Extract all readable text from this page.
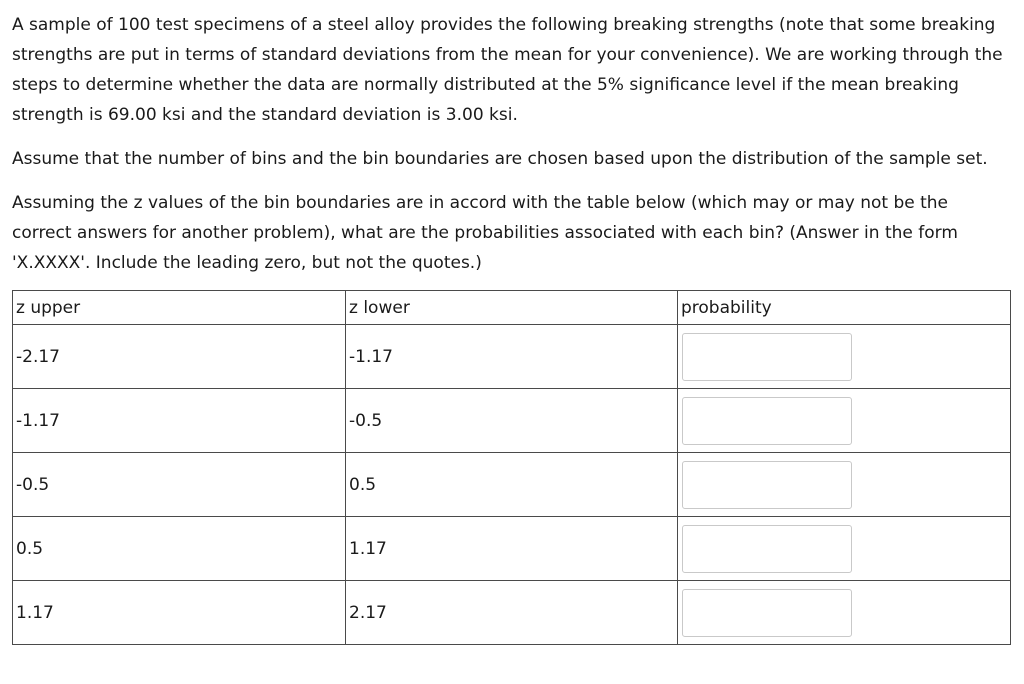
A sample of 100 test specimens of a steel alloy provides the following breaking strengths (note that some breaking strengths are put in terms of standard deviations from the mean for your convenience). We are working through the steps to determine whether the data are normally distributed at the 5% significance level if the mean breaking strength is 69.00 ksi and the standard deviation is 3.00 ksi.

Assume that the number of bins and the bin boundaries are chosen based upon the distribution of the sample set.

Assuming the z values of the bin boundaries are in accord with the table below (which may or may not be the correct answers for another problem), what are the probabilities associated with each bin? (Answer in the form 'X.XXXX'. Include the leading zero, but not the quotes.)

z upper	z lower	probability
-2.17	-1.17	

-1.17	-0.5	

-0.5	0.5	

0.5	1.17	

1.17	2.17	
